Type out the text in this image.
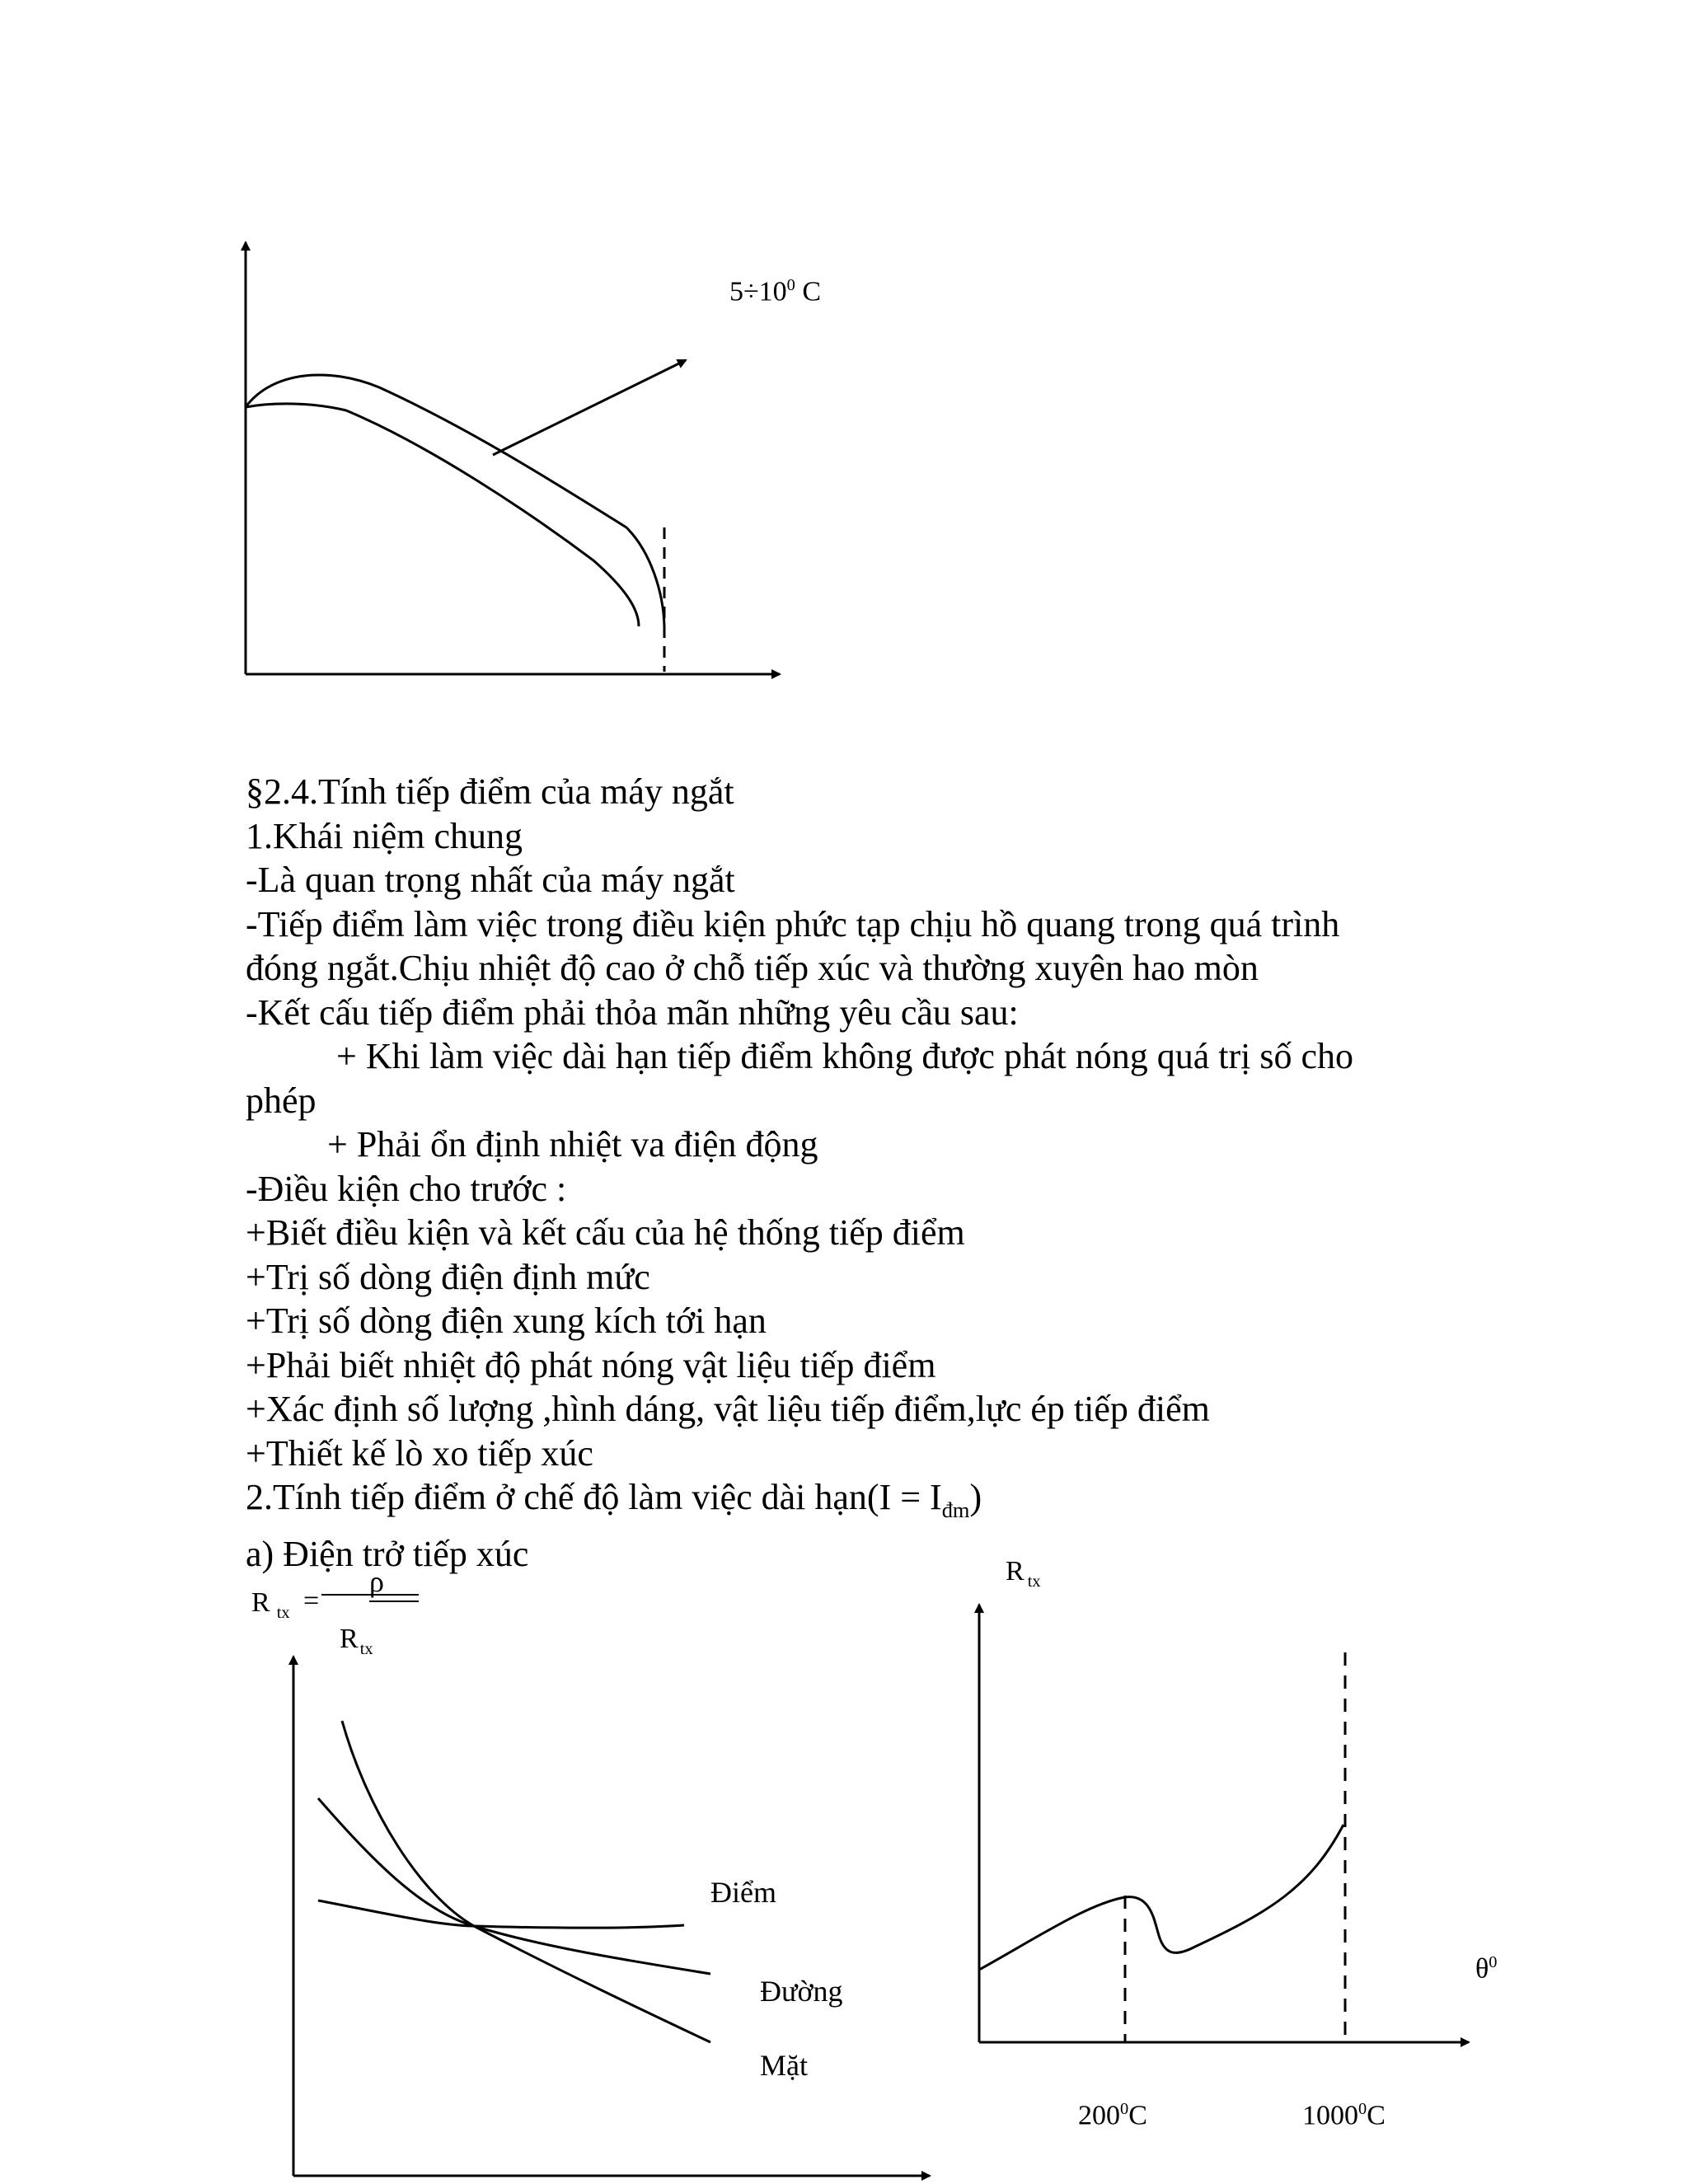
$5\div 10^0$ C

§2.4.Tính tiếp điểm của máy ngắt

1.Khái niệm chung

-Là quan trọng nhất của máy ngắt

-Tiếp điểm làm việc trong điều kiện phức tạp chịu hồ quang trong quá trình

đóng ngắt.Chịu nhiệt độ cao ở chỗ tiếp xúc và thường xuyên hao mòn

-Kết cấu tiếp điểm phải thỏa mãn những yêu cầu sau:

+ Khi làm việc dài hạn tiếp điểm không được phát nóng quá trị số cho

phép

+ Phải ổn định nhiệt va điện động

-Điều kiện cho trước :

+Biết điều kiện và kết cấu của hệ thống tiếp điểm

+Trị số dòng điện định mức

+Trị số dòng điện xung kích tới hạn

+Phải biết nhiệt độ phát nóng vật liệu tiếp điểm

+Xác định số lượng ,hình dáng, vật liệu tiếp điểm,lực ép tiếp điểm

+Thiết kế lò xo tiếp xúc

2.Tính tiếp điểm ở chế độ làm việc dài hạn(I = $I_{đm}$)

a) Điện trở tiếp xúc

R $_{tx}$ =
ρ
$R_{tx}$
Điểm
Đường
Mặt
R $_{tx}$
$\theta^0$
$200^0C$	1000$^0$C
